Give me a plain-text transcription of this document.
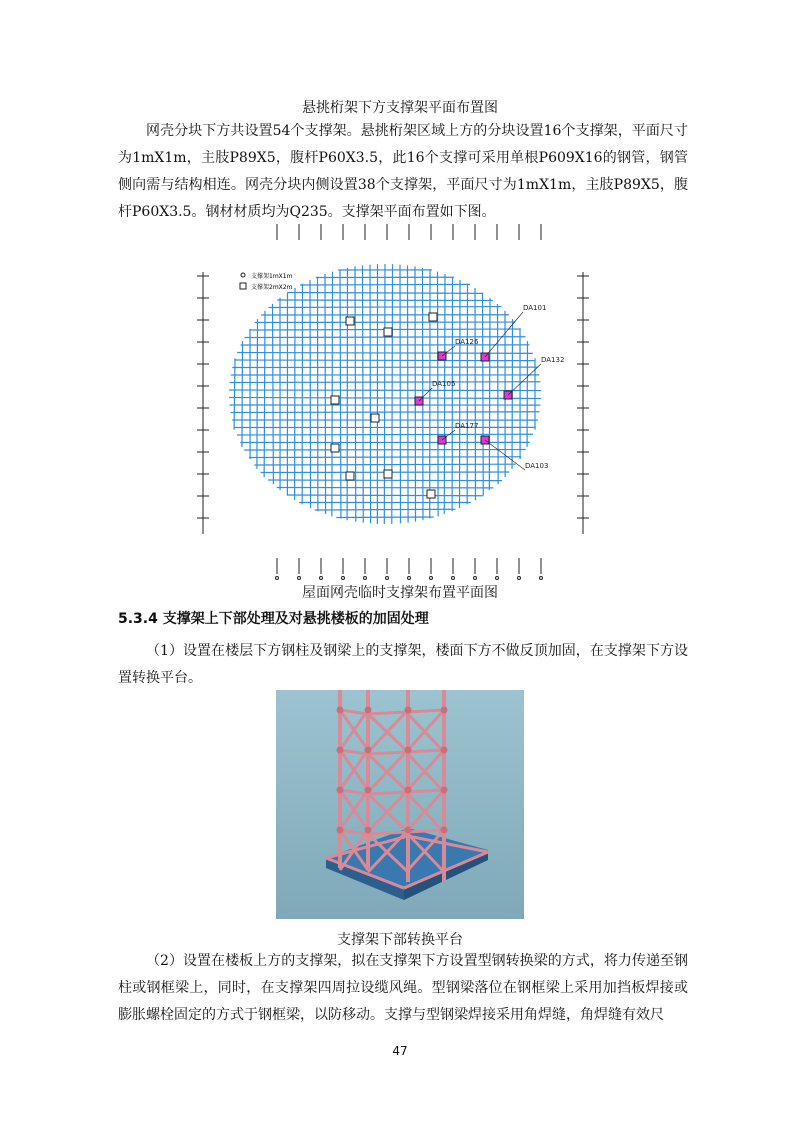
悬挑桁架下方支撑架平面布置图

网壳分块下方共设置54个支撑架。悬挑桁架区域上方的分块设置16个支撑架，平面尺寸为1mX1m，主肢P89X5，腹杆P60X3.5，此16个支撑可采用单根P609X16的钢管，钢管侧向需与结构相连。网壳分块内侧设置38个支撑架，平面尺寸为1mX1m，主肢P89X5，腹杆P60X3.5。钢材材质均为Q235。支撑架平面布置如下图。

支撑架1mX1m
支撑架2mX2m
DA101
DA126
DA132
DA105
DA177
DA103
屋面网壳临时支撑架布置平面图
5.3.4 支撑架上下部处理及对悬挑楼板的加固处理

（1）设置在楼层下方钢柱及钢梁上的支撑架，楼面下方不做反顶加固，在支撑架下方设置转换平台。

支撑架下部转换平台

（2）设置在楼板上方的支撑架，拟在支撑架下方设置型钢转换梁的方式，将力传递至钢柱或钢框梁上，同时，在支撑架四周拉设缆风绳。型钢梁落位在钢框梁上采用加挡板焊接或膨胀螺栓固定的方式于钢框梁，以防移动。支撑与型钢梁焊接采用角焊缝，角焊缝有效尺

47
